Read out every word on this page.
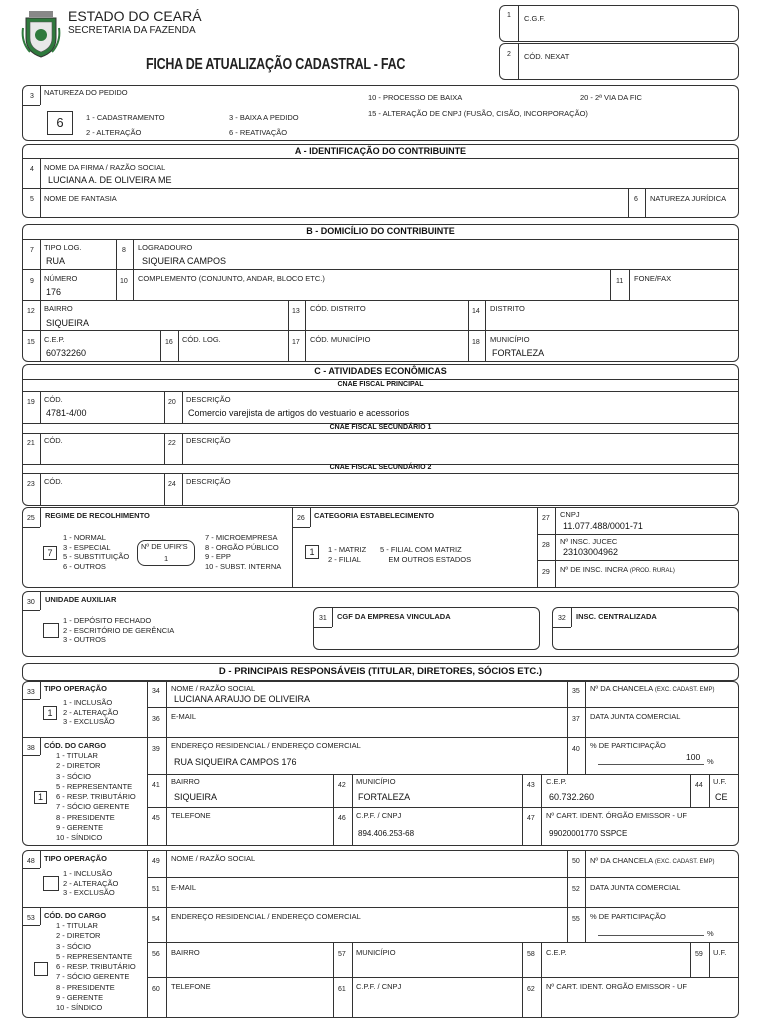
ESTADO DO CEARÁ
SECRETARIA DA FAZENDA
FICHA DE ATUALIZAÇÃO CADASTRAL - FAC
1 C.G.F.
2 CÓD. NEXAT
3 NATUREZA DO PEDIDO
6	1 - CADASTRAMENTO
2 - ALTERAÇÃO
3 - BAIXA A PEDIDO
6 - REATIVAÇÃO
10 - PROCESSO DE BAIXA
15 - ALTERAÇÃO DE CNPJ (FUSÃO, CISÃO, INCORPORAÇÃO)
20 - 2ª VIA DA FIC
A - IDENTIFICAÇÃO DO CONTRIBUINTE
4 NOME DA FIRMA / RAZÃO SOCIAL
LUCIANA A. DE OLIVEIRA ME
5 NOME DE FANTASIA	6 NATUREZA JURÍDICA
B - DOMICÍLIO DO CONTRIBUINTE
7 TIPO LOG.
RUA
8 LOGRADOURO
SIQUEIRA CAMPOS
9 NÚMERO
176
10 COMPLEMENTO (CONJUNTO, ANDAR, BLOCO ETC.)	11 FONE/FAX
12 BAIRRO
SIQUEIRA
13 CÓD. DISTRITO	14 DISTRITO
15 C.E.P.
60732260
16 CÓD. LOG.	17 CÓD. MUNICÍPIO	18 MUNICÍPIO
FORTALEZA
C - ATIVIDADES ECONÔMICAS
CNAE FISCAL PRINCIPAL
19 CÓD.
4781-4/00
20 DESCRIÇÃO
Comercio varejista de artigos do vestuario e acessorios
CNAE FISCAL SECUNDÁRIO 1
21 CÓD.	22 DESCRIÇÃO
CNAE FISCAL SECUNDÁRIO 2
23 CÓD.	24 DESCRIÇÃO
25 REGIME DE RECOLHIMENTO
7
1 - NORMAL
3 - ESPECIAL
5 - SUBSTITUIÇÃO
6 - OUTROS
Nº DE UFIR'S
1
7 - MICROEMPRESA
8 - ORGÃO PÚBLICO
9 - EPP
10 - SUBST. INTERNA
26 CATEGORIA ESTABELECIMENTO
1	1 - MATRIZ
2 - FILIAL
5 - FILIAL COM MATRIZ
EM OUTROS ESTADOS
27 CNPJ
11.077.488/0001-71
28 Nº INSC. JUCEC
23103004962
29 Nº DE INSC. INCRA (PROD. RURAL)
30 UNIDADE AUXILIAR
1 - DEPÓSITO FECHADO
2 - ESCRITÓRIO DE GERÊNCIA
3 - OUTROS
31 CGF DA EMPRESA VINCULADA	32 INSC. CENTRALIZADA
D - PRINCIPAIS RESPONSÁVEIS (TITULAR, DIRETORES, SÓCIOS ETC.)
33 TIPO OPERAÇÃO
1
1 - INCLUSÃO
2 - ALTERAÇÃO
3 - EXCLUSÃO
38 CÓD. DO CARGO
1
1 - TITULAR
2 - DIRETOR
3 - SÓCIO
5 - REPRESENTANTE
6 - RESP. TRIBUTÁRIO
7 - SÓCIO GERENTE
8 - PRESIDENTE
9 - GERENTE
10 - SÍNDICO
34 NOME / RAZÃO SOCIAL
LUCIANA ARAUJO DE OLIVEIRA
35 Nº DA CHANCELA (EXC. CADAST. EMP)
36 E-MAIL	37 DATA JUNTA COMERCIAL
39 ENDEREÇO RESIDENCIAL / ENDEREÇO COMERCIAL
RUA SIQUEIRA CAMPOS 176
40 % DE PARTICIPAÇÃO
100 %
41 BAIRRO
SIQUEIRA
42 MUNICÍPIO
FORTALEZA
43 C.E.P.
60.732.260
44 U.F.
CE
45 TELEFONE	46 C.P.F. / CNPJ
894.406.253-68
47 Nº CART. IDENT. ÓRGÃO EMISSOR - UF
99020001770 SSPCE
48 TIPO OPERAÇÃO
1 - INCLUSÃO
2 - ALTERAÇÃO
3 - EXCLUSÃO
53 CÓD. DO CARGO
1 - TITULAR
2 - DIRETOR
3 - SÓCIO
5 - REPRESENTANTE
6 - RESP. TRIBUTÁRIO
7 - SÓCIO GERENTE
8 - PRESIDENTE
9 - GERENTE
10 - SÍNDICO
49 NOME / RAZÃO SOCIAL	50 Nº DA CHANCELA (EXC. CADAST. EMP)
51 E-MAIL	52 DATA JUNTA COMERCIAL
54 ENDEREÇO RESIDENCIAL / ENDEREÇO COMERCIAL	55 % DE PARTICIPAÇÃO
%
56 BAIRRO	57 MUNICÍPIO	58 C.E.P.	59 U.F.
60 TELEFONE	61 C.P.F. / CNPJ	62 Nº CART. IDENT. ORGÃO EMISSOR - UF
